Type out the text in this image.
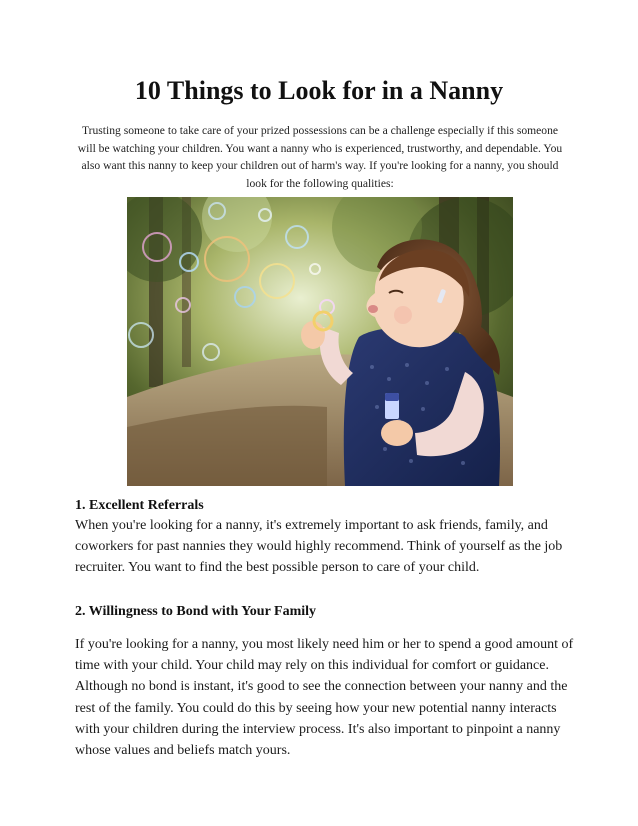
10 Things to Look for in a Nanny

Trusting someone to take care of your prized possessions can be a challenge especially if this someone will be watching your children. You want a nanny who is experienced, trustworthy, and dependable. You also want this nanny to keep your children out of harm's way. If you're looking for a nanny, you should look for the following qualities:

1. Excellent Referrals

When you're looking for a nanny, it's extremely important to ask friends, family, and coworkers for past nannies they would highly recommend. Think of yourself as the job recruiter. You want to find the best possible person to care of your child.

2. Willingness to Bond with Your Family

If you're looking for a nanny, you most likely need him or her to spend a good amount of time with your child. Your child may rely on this individual for comfort or guidance. Although no bond is instant, it's good to see the connection between your nanny and the rest of the family. You could do this by seeing how your new potential nanny interacts with your children during the interview process. It's also important to pinpoint a nanny whose values and beliefs match yours.
